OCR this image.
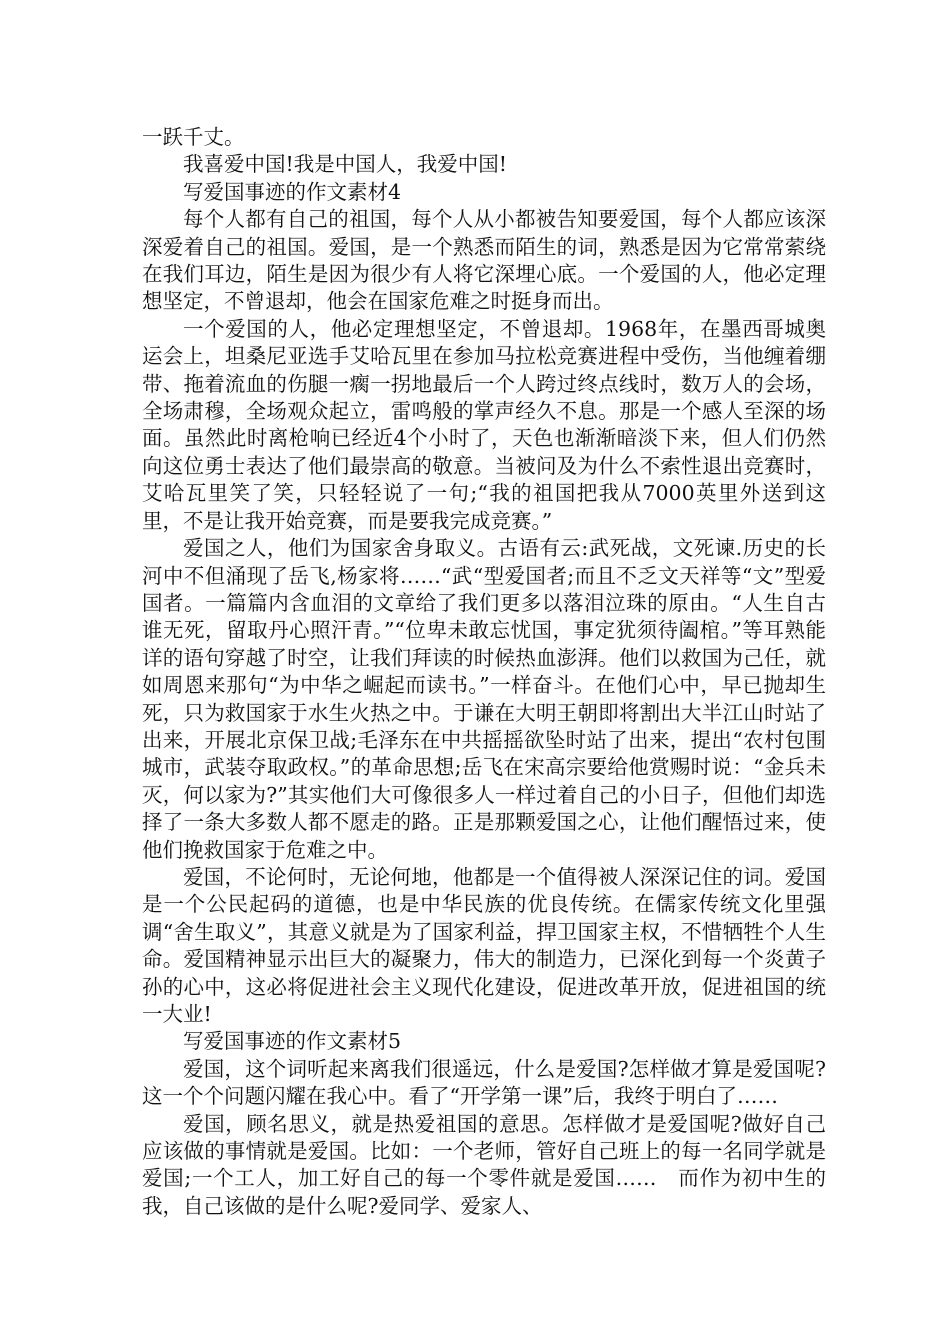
一跃千丈。

我喜爱中国!我是中国人，我爱中国!

写爱国事迹的作文素材4

每个人都有自己的祖国，每个人从小都被告知要爱国，每个人都应该深深爱着自己的祖国。爱国，是一个熟悉而陌生的词，熟悉是因为它常常萦绕在我们耳边，陌生是因为很少有人将它深埋心底。一个爱国的人，他必定理想坚定，不曾退却，他会在国家危难之时挺身而出。

一个爱国的人，他必定理想坚定，不曾退却。1968年，在墨西哥城奥运会上，坦桑尼亚选手艾哈瓦里在参加马拉松竞赛进程中受伤，当他缠着绷带、拖着流血的伤腿一瘸一拐地最后一个人跨过终点线时，数万人的会场，全场肃穆，全场观众起立，雷鸣般的掌声经久不息。那是一个感人至深的场面。虽然此时离枪响已经近4个小时了，天色也渐渐暗淡下来，但人们仍然向这位勇士表达了他们最崇高的敬意。当被问及为什么不索性退出竞赛时，艾哈瓦里笑了笑，只轻轻说了一句;“我的祖国把我从7000英里外送到这里，不是让我开始竞赛，而是要我完成竞赛。”

爱国之人，他们为国家舍身取义。古语有云:武死战，文死谏.历史的长河中不但涌现了岳飞,杨家将……“武“型爱国者;而且不乏文天祥等“文”型爱国者。一篇篇内含血泪的文章给了我们更多以落泪泣珠的原由。“人生自古谁无死，留取丹心照汗青。”“位卑未敢忘忧国，事定犹须待阖棺。”等耳熟能详的语句穿越了时空，让我们拜读的时候热血澎湃。他们以救国为己任，就如周恩来那句“为中华之崛起而读书。”一样奋斗。在他们心中，早已抛却生死，只为救国家于水生火热之中。于谦在大明王朝即将割出大半江山时站了出来，开展北京保卫战;毛泽东在中共摇摇欲坠时站了出来，提出“农村包围城市，武装夺取政权。”的革命思想;岳飞在宋高宗要给他赏赐时说：“金兵未灭，何以家为?”其实他们大可像很多人一样过着自己的小日子，但他们却选择了一条大多数人都不愿走的路。正是那颗爱国之心，让他们醒悟过来，使他们挽救国家于危难之中。

爱国，不论何时，无论何地，他都是一个值得被人深深记住的词。爱国是一个公民起码的道德，也是中华民族的优良传统。在儒家传统文化里强调“舍生取义”，其意义就是为了国家利益，捍卫国家主权，不惜牺牲个人生命。爱国精神显示出巨大的凝聚力，伟大的制造力，已深化到每一个炎黄子孙的心中，这必将促进社会主义现代化建设，促进改革开放，促进祖国的统一大业!

写爱国事迹的作文素材5

爱国，这个词听起来离我们很遥远，什么是爱国?怎样做才算是爱国呢?这一个个问题闪耀在我心中。看了“开学第一课”后，我终于明白了……

爱国，顾名思义，就是热爱祖国的意思。怎样做才是爱国呢?做好自己应该做的事情就是爱国。比如：一个老师，管好自己班上的每一名同学就是爱国;一个工人，加工好自己的每一个零件就是爱国……　而作为初中生的我，自己该做的是什么呢?爱同学、爱家人、
